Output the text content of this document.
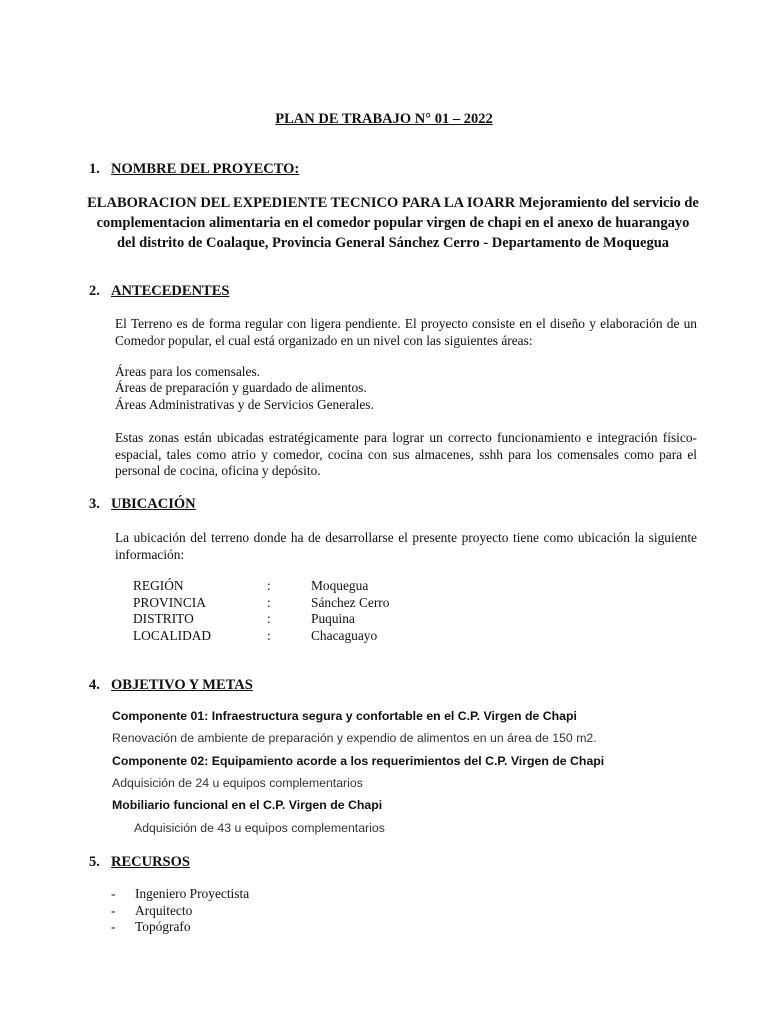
PLAN DE TRABAJO N° 01 – 2022
1. NOMBRE DEL PROYECTO:
ELABORACION DEL EXPEDIENTE TECNICO PARA LA IOARR Mejoramiento del servicio de complementacion alimentaria en el comedor popular virgen de chapi en el anexo de huarangayo del distrito de Coalaque, Provincia General Sánchez Cerro - Departamento de Moquegua
2. ANTECEDENTES
El Terreno es de forma regular con ligera pendiente. El proyecto consiste en el diseño y elaboración de un Comedor popular, el cual está organizado en un nivel con las siguientes áreas:
Áreas para los comensales.
Áreas de preparación y guardado de alimentos.
Áreas Administrativas y de Servicios Generales.
Estas zonas están ubicadas estratégicamente para lograr un correcto funcionamiento e integración físico-espacial, tales como atrio y comedor, cocina con sus almacenes, sshh para los comensales como para el personal de cocina, oficina y depósito.
3. UBICACIÓN
La ubicación del terreno donde ha de desarrollarse el presente proyecto tiene como ubicación la siguiente información:
REGIÓN	:	Moquegua
PROVINCIA	:	Sánchez Cerro
DISTRITO	:	Puquina
LOCALIDAD	:	Chacaguayo
4. OBJETIVO Y METAS
Componente 01: Infraestructura segura y confortable en el C.P. Virgen de Chapi
Renovación de ambiente de preparación y expendio de alimentos en un área de 150 m2.
Componente 02: Equipamiento acorde a los requerimientos del C.P. Virgen de Chapi
Adquisición de 24 u equipos complementarios
Mobiliario funcional en el C.P. Virgen de Chapi
Adquisición de 43 u equipos complementarios
5. RECURSOS
- Ingeniero Proyectista
- Arquitecto
- Topógrafo
